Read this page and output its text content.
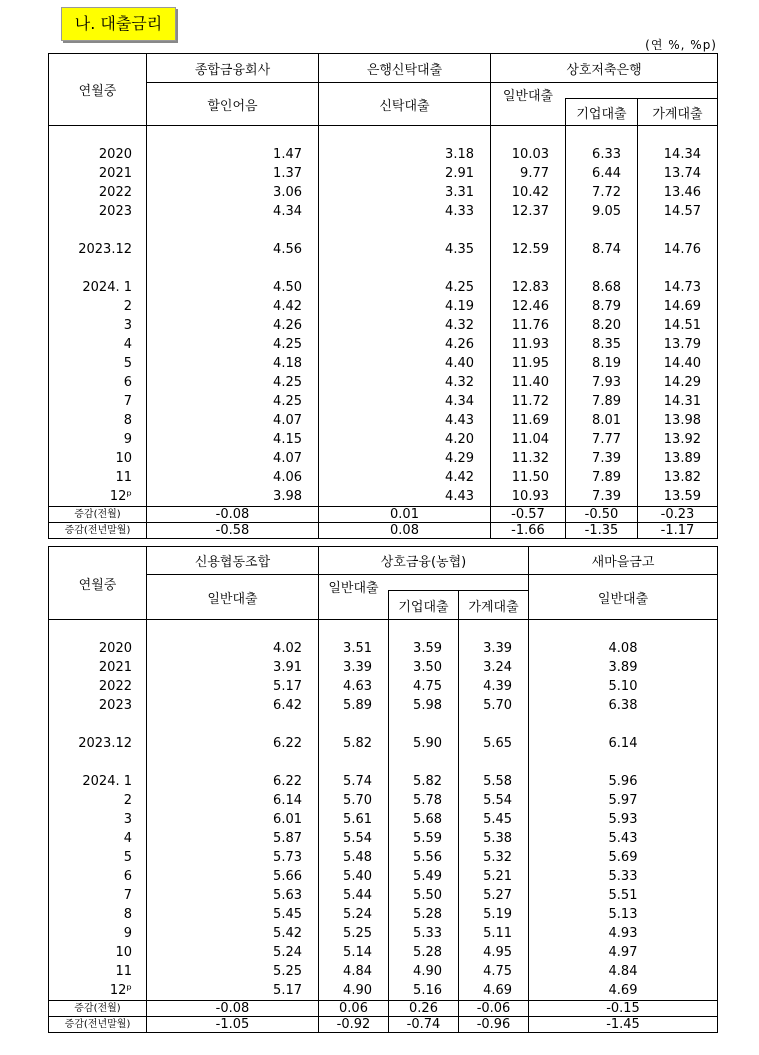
나. 대출금리
(연 %, %p)
연월중	종합금융회사	은행신탁대출	상호저축은행		
	할인어음	신탁대출	일반대출		
				기업대출	가계대출

2020	1.47	3.18	10.03	6.33	14.34
2021	1.37	2.91	9.77	6.44	13.74
2022	3.06	3.31	10.42	7.72	13.46
2023	4.34	4.33	12.37	9.05	14.57

2023.12	4.56	4.35	12.59	8.74	14.76

2024. 1	4.50	4.25	12.83	8.68	14.73
2	4.42	4.19	12.46	8.79	14.69
3	4.26	4.32	11.76	8.20	14.51
4	4.25	4.26	11.93	8.35	13.79
5	4.18	4.40	11.95	8.19	14.40
6	4.25	4.32	11.40	7.93	14.29
7	4.25	4.34	11.72	7.89	14.31
8	4.07	4.43	11.69	8.01	13.98
9	4.15	4.20	11.04	7.77	13.92
10	4.07	4.29	11.32	7.39	13.89
11	4.06	4.42	11.50	7.89	13.82
12ᵖ	3.98	4.43	10.93	7.39	13.59
증감(전월)	-0.08	0.01	-0.57	-0.50	-0.23
증감(전년말월)	-0.58	0.08	-1.66	-1.35	-1.17
연월중	신용협동조합	상호금융(농협)			새마을금고
	일반대출	일반대출			일반대출
			기업대출	가계대출	

2020	4.02	3.51	3.59	3.39	4.08
2021	3.91	3.39	3.50	3.24	3.89
2022	5.17	4.63	4.75	4.39	5.10
2023	6.42	5.89	5.98	5.70	6.38

2023.12	6.22	5.82	5.90	5.65	6.14

2024. 1	6.22	5.74	5.82	5.58	5.96
2	6.14	5.70	5.78	5.54	5.97
3	6.01	5.61	5.68	5.45	5.93
4	5.87	5.54	5.59	5.38	5.43
5	5.73	5.48	5.56	5.32	5.69
6	5.66	5.40	5.49	5.21	5.33
7	5.63	5.44	5.50	5.27	5.51
8	5.45	5.24	5.28	5.19	5.13
9	5.42	5.25	5.33	5.11	4.93
10	5.24	5.14	5.28	4.95	4.97
11	5.25	4.84	4.90	4.75	4.84
12ᵖ	5.17	4.90	5.16	4.69	4.69
증감(전월)	-0.08	0.06	0.26	-0.06	-0.15
증감(전년말월)	-1.05	-0.92	-0.74	-0.96	-1.45
